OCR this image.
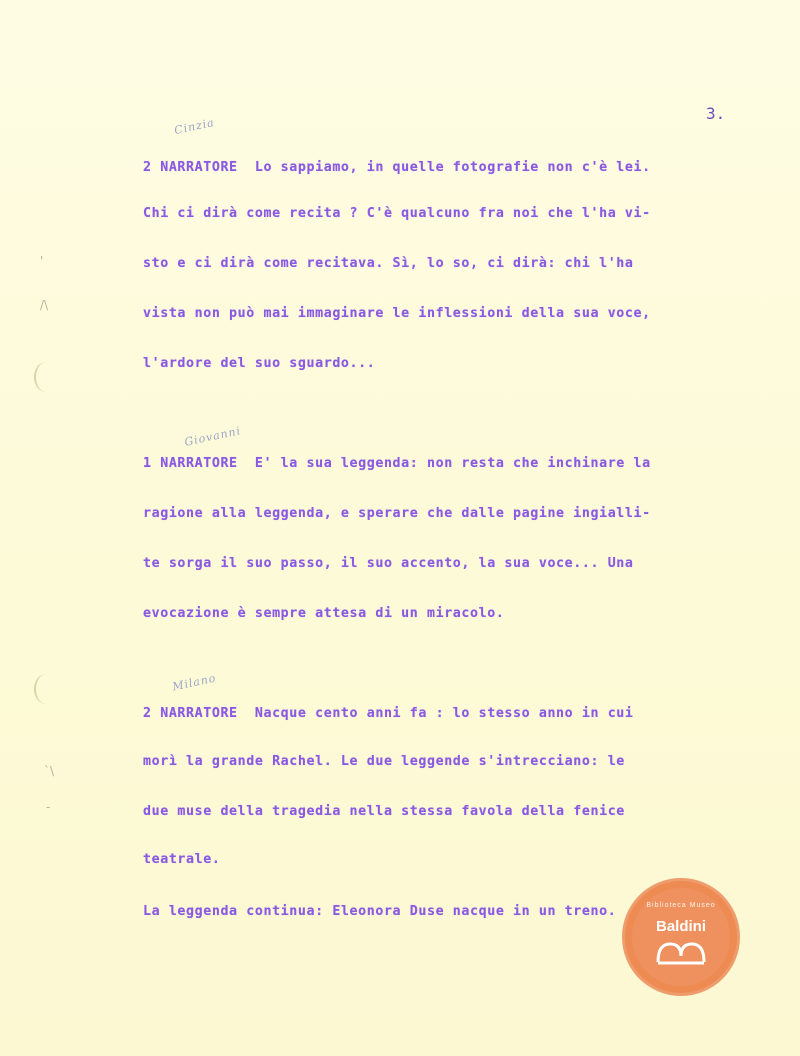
'
/\
`\
-
3.
Cinzia
Giovanni
Milano
2 NARRATORE  Lo sappiamo, in quelle fotografie non c'è lei.
Chi ci dirà come recita ? C'è qualcuno fra noi che l'ha vi-
sto e ci dirà come recitava. Sì, lo so, ci dirà: chi l'ha
vista non può mai immaginare le inflessioni della sua voce,
l'ardore del suo sguardo...
1 NARRATORE  E' la sua leggenda: non resta che inchinare la
ragione alla leggenda, e sperare che dalle pagine ingialli-
te sorga il suo passo, il suo accento, la sua voce... Una
evocazione è sempre attesa di un miracolo.
2 NARRATORE  Nacque cento anni fa : lo stesso anno in cui
morì la grande Rachel. Le due leggende s'intrecciano: le
due muse della tragedia nella stessa favola della fenice
teatrale.
La leggenda continua: Eleonora Duse nacque in un treno.	Biblioteca Museo
Baldini
